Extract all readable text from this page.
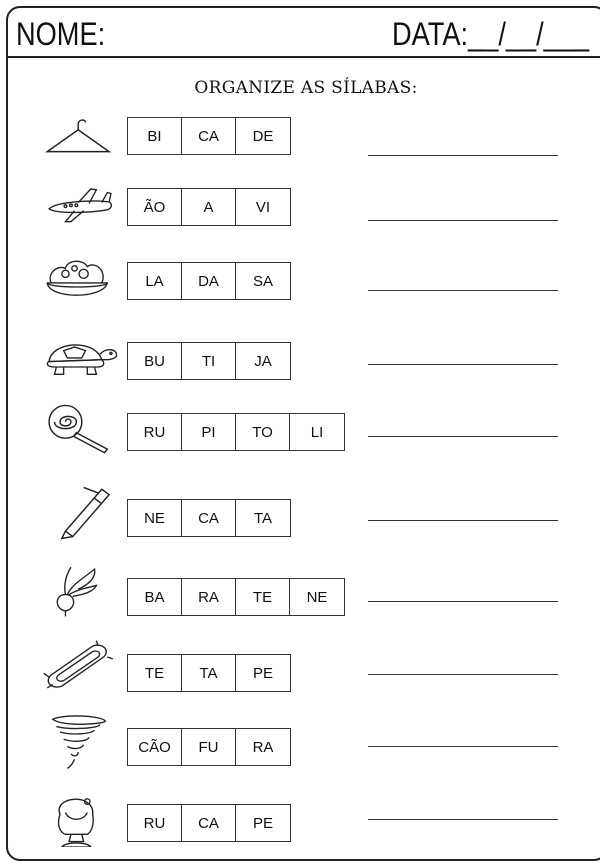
NOME:	DATA:__/__/___
ORGANIZE AS SÍLABAS:
BI	CA	DE
ÃO	A	VI
LA	DA	SA
BU	TI	JA
RU	PI	TO	LI
NE	CA	TA
BA	RA	TE	NE
TE	TA	PE
CÃO	FU	RA
RU	CA	PE
